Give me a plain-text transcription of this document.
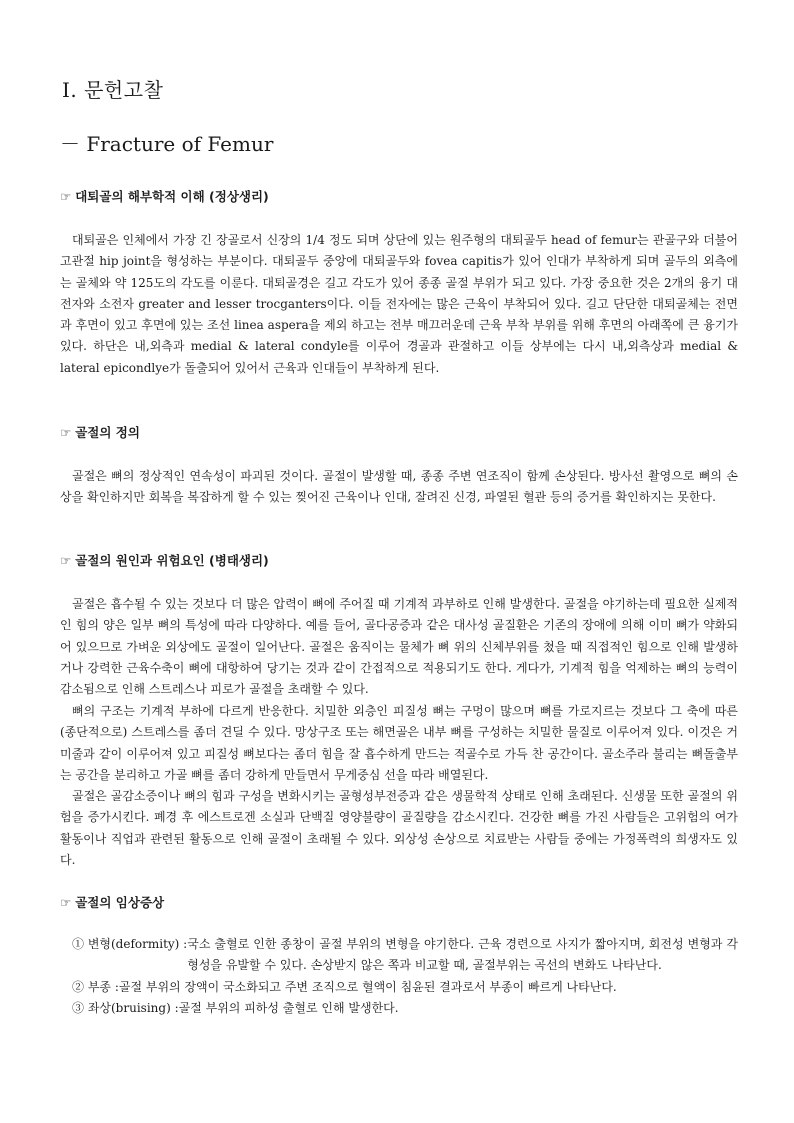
Ⅰ. 문헌고찰
－ Fracture of Femur
☞ 대퇴골의 해부학적 이해 (정상생리)

대퇴골은 인체에서 가장 긴 장골로서 신장의 1/4 정도 되며 상단에 있는 원주형의 대퇴골두 head of femur는 관골구와 더불어고관절 hip joint을 형성하는 부분이다. 대퇴골두 중앙에 대퇴골두와 fovea capitis가 있어 인대가 부착하게 되며 골두의 외측에는 골체와 약 125도의 각도를 이룬다. 대퇴골경은 길고 각도가 있어 종종 골절 부위가 되고 있다. 가장 중요한 것은 2개의 융기 대전자와 소전자 greater and lesser trocganters이다. 이들 전자에는 많은 근육이 부착되어 있다. 길고 단단한 대퇴골체는 전면과 후면이 있고 후면에 있는 조선 linea aspera을 제외 하고는 전부 매끄러운데 근육 부착 부위를 위해 후면의 아래쪽에 큰 융기가 있다. 하단은 내,외측과 medial & lateral condyle를 이루어 경골과 관절하고 이들 상부에는 다시 내,외측상과 medial & lateral epicondlye가 돌출되어 있어서 근육과 인대들이 부착하게 된다.

☞ 골절의 정의

골절은 뼈의 정상적인 연속성이 파괴된 것이다. 골절이 발생할 때, 종종 주변 연조직이 함께 손상된다. 방사선 촬영으로 뼈의 손상을 확인하지만 회복을 복잡하게 할 수 있는 찢어진 근육이나 인대, 잘려진 신경, 파열된 혈관 등의 증거를 확인하지는 못한다.

☞ 골절의 원인과 위험요인 (병태생리)

골절은 흡수될 수 있는 것보다 더 많은 압력이 뼈에 주어질 때 기계적 과부하로 인해 발생한다. 골절을 야기하는데 필요한 실제적인 힘의 양은 일부 뼈의 특성에 따라 다양하다. 예를 들어, 골다공증과 같은 대사성 골질환은 기존의 장애에 의해 이미 뼈가 약화되어 있으므로 가벼운 외상에도 골절이 일어난다. 골절은 움직이는 물체가 뼈 위의 신체부위를 쳤을 때 직접적인 힘으로 인해 발생하거나 강력한 근육수축이 뼈에 대항하여 당기는 것과 같이 간접적으로 적용되기도 한다. 게다가, 기계적 힘을 억제하는 뼈의 능력이 감소됨으로 인해 스트레스나 피로가 골절을 초래할 수 있다.

뼈의 구조는 기계적 부하에 다르게 반응한다. 치밀한 외층인 피질성 뼈는 구멍이 많으며 뼈를 가로지르는 것보다 그 축에 따른 (종단적으로) 스트레스를 좀더 견딜 수 있다. 망상구조 또는 해면골은 내부 뼈를 구성하는 치밀한 물질로 이루어져 있다. 이것은 거미줄과 같이 이루어져 있고 피질성 뼈보다는 좀더 힘을 잘 흡수하게 만드는 적골수로 가득 찬 공간이다. 골소주라 불리는 뼈돌출부는 공간을 분리하고 가골 뼈를 좀더 강하게 만들면서 무게중심 선을 따라 배열된다.

골절은 골감소증이나 뼈의 힘과 구성을 변화시키는 골형성부전증과 같은 생물학적 상태로 인해 초래된다. 신생물 또한 골절의 위험을 증가시킨다. 폐경 후 에스트로겐 소실과 단백질 영양불량이 골질량을 감소시킨다. 건강한 뼈를 가진 사람들은 고위험의 여가활동이나 직업과 관련된 활동으로 인해 골절이 초래될 수 있다. 외상성 손상으로 치료받는 사람들 중에는 가정폭력의 희생자도 있다.

☞ 골절의 임상증상
① 변형(deformity) : 국소 출혈로 인한 종창이 골절 부위의 변형을 야기한다. 근육 경련으로 사지가 짧아지며, 회전성 변형과 각 형성을 유발할 수 있다. 손상받지 않은 쪽과 비교할 때, 골절부위는 곡선의 변화도 나타난다.
② 부종 : 골절 부위의 장액이 국소화되고 주변 조직으로 혈액이 침윤된 결과로서 부종이 빠르게 나타난다.
③ 좌상(bruising) : 골절 부위의 피하성 출혈로 인해 발생한다.
